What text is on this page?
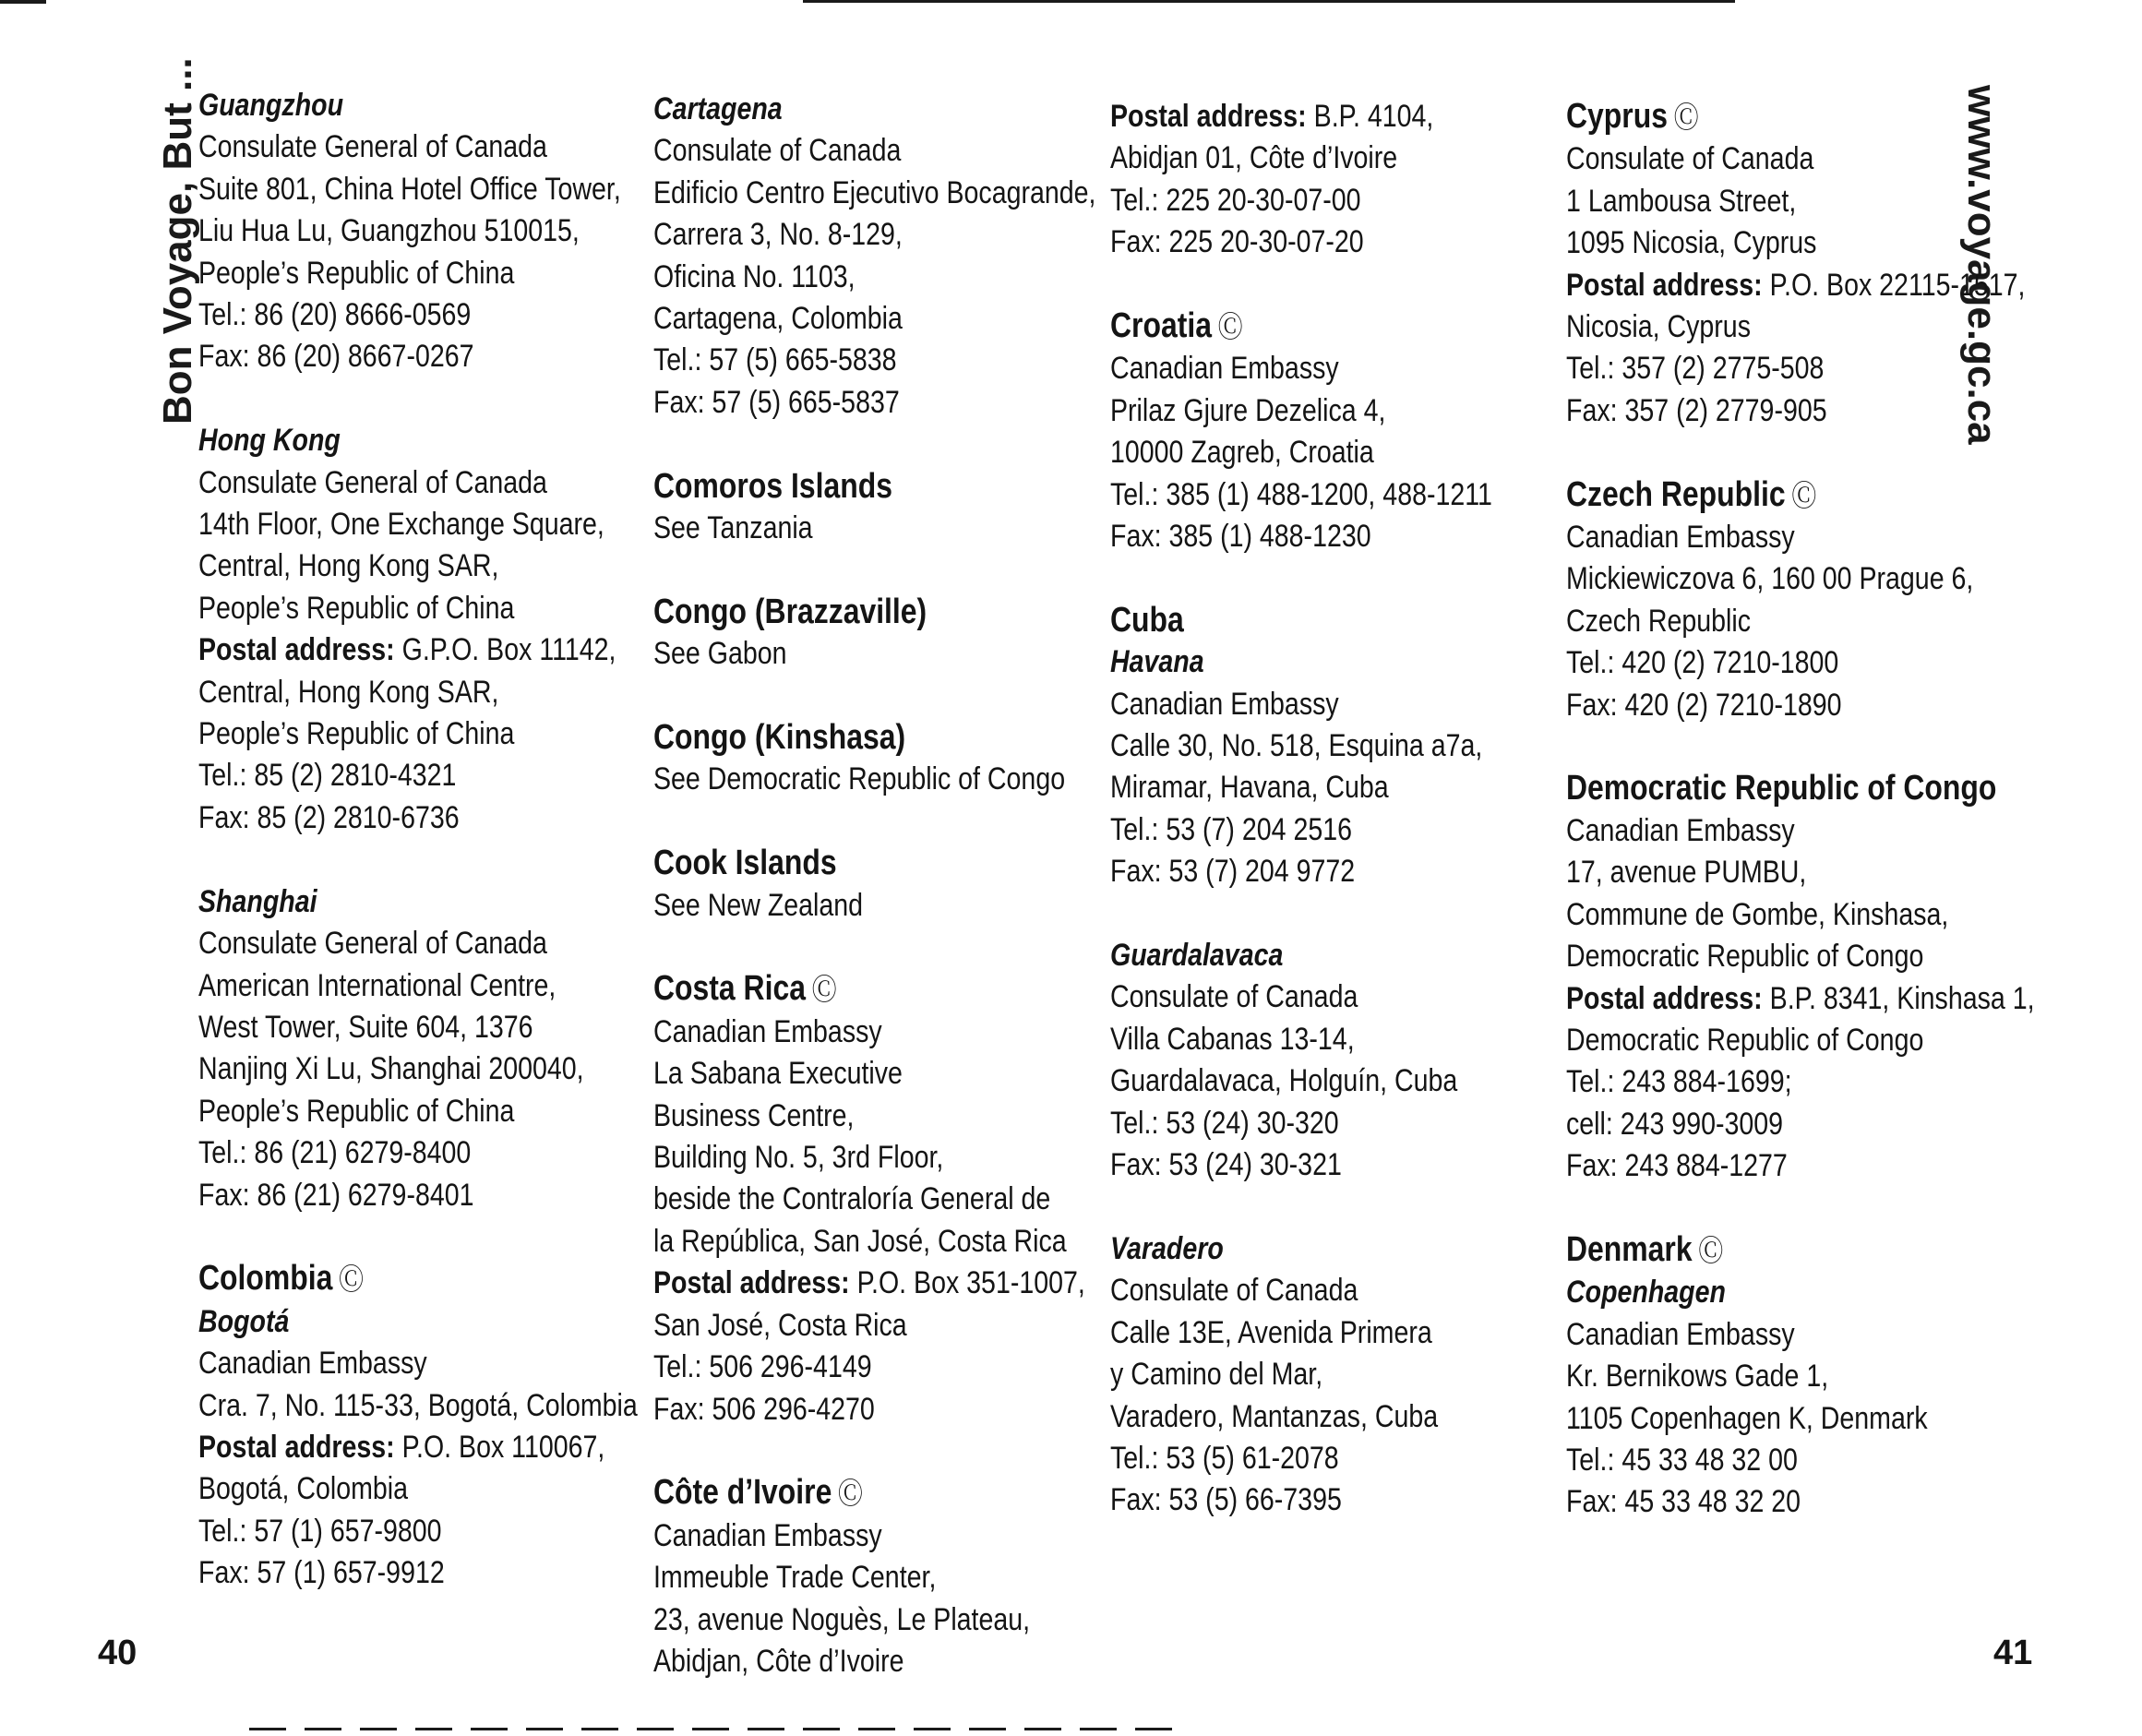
Bon Voyage, But ...	www.voyage.gc.ca

Guangzhou

Consulate General of Canada

Suite 801, China Hotel Office Tower,

Liu Hua Lu, Guangzhou 510015,

People’s Republic of China

Tel.: 86 (20) 8666-0569

Fax: 86 (20) 8667-0267

Hong Kong

Consulate General of Canada

14th Floor, One Exchange Square,

Central, Hong Kong SAR,

People’s Republic of China

Postal address: G.P.O. Box 11142,

Central, Hong Kong SAR,

People’s Republic of China

Tel.: 85 (2) 2810-4321

Fax: 85 (2) 2810-6736

Shanghai

Consulate General of Canada

American International Centre,

West Tower, Suite 604, 1376

Nanjing Xi Lu, Shanghai 200040,

People’s Republic of China

Tel.: 86 (21) 6279-8400

Fax: 86 (21) 6279-8401

Colombia Ⓒ

Bogotá

Canadian Embassy

Cra. 7, No. 115-33, Bogotá, Colombia

Postal address: P.O. Box 110067,

Bogotá, Colombia

Tel.: 57 (1) 657-9800

Fax: 57 (1) 657-9912

Cartagena

Consulate of Canada

Edificio Centro Ejecutivo Bocagrande,

Carrera 3, No. 8-129,

Oficina No. 1103,

Cartagena, Colombia

Tel.: 57 (5) 665-5838

Fax: 57 (5) 665-5837

Comoros Islands

See Tanzania

Congo (Brazzaville)

See Gabon

Congo (Kinshasa)

See Democratic Republic of Congo

Cook Islands

See New Zealand

Costa Rica Ⓒ

Canadian Embassy

La Sabana Executive

Business Centre,

Building No. 5, 3rd Floor,

beside the Contraloría General de

la República, San José, Costa Rica

Postal address: P.O. Box 351-1007,

San José, Costa Rica

Tel.: 506 296-4149

Fax: 506 296-4270

Côte d’Ivoire Ⓒ

Canadian Embassy

Immeuble Trade Center,

23, avenue Noguès, Le Plateau,

Abidjan, Côte d’Ivoire

Postal address: B.P. 4104,

Abidjan 01, Côte d’Ivoire

Tel.: 225 20-30-07-00

Fax: 225 20-30-07-20

Croatia Ⓒ

Canadian Embassy

Prilaz Gjure Dezelica 4,

10000 Zagreb, Croatia

Tel.: 385 (1) 488-1200, 488-1211

Fax: 385 (1) 488-1230

Cuba

Havana

Canadian Embassy

Calle 30, No. 518, Esquina a7a,

Miramar, Havana, Cuba

Tel.: 53 (7) 204 2516

Fax: 53 (7) 204 9772

Guardalavaca

Consulate of Canada

Villa Cabanas 13-14,

Guardalavaca, Holguín, Cuba

Tel.: 53 (24) 30-320

Fax: 53 (24) 30-321

Varadero

Consulate of Canada

Calle 13E, Avenida Primera

y Camino del Mar,

Varadero, Mantanzas, Cuba

Tel.: 53 (5) 61-2078

Fax: 53 (5) 66-7395

Cyprus Ⓒ

Consulate of Canada

1 Lambousa Street,

1095 Nicosia, Cyprus

Postal address: P.O. Box 22115-1517,

Nicosia, Cyprus

Tel.: 357 (2) 2775-508

Fax: 357 (2) 2779-905

Czech Republic Ⓒ

Canadian Embassy

Mickiewiczova 6, 160 00 Prague 6,

Czech Republic

Tel.: 420 (2) 7210-1800

Fax: 420 (2) 7210-1890

Democratic Republic of Congo

Canadian Embassy

17, avenue PUMBU,

Commune de Gombe, Kinshasa,

Democratic Republic of Congo

Postal address: B.P. 8341, Kinshasa 1,

Democratic Republic of Congo

Tel.: 243 884-1699;

cell: 243 990-3009

Fax: 243 884-1277

Denmark Ⓒ

Copenhagen

Canadian Embassy

Kr. Bernikows Gade 1,

1105 Copenhagen K, Denmark

Tel.: 45 33 48 32 00

Fax: 45 33 48 32 20

40	41
